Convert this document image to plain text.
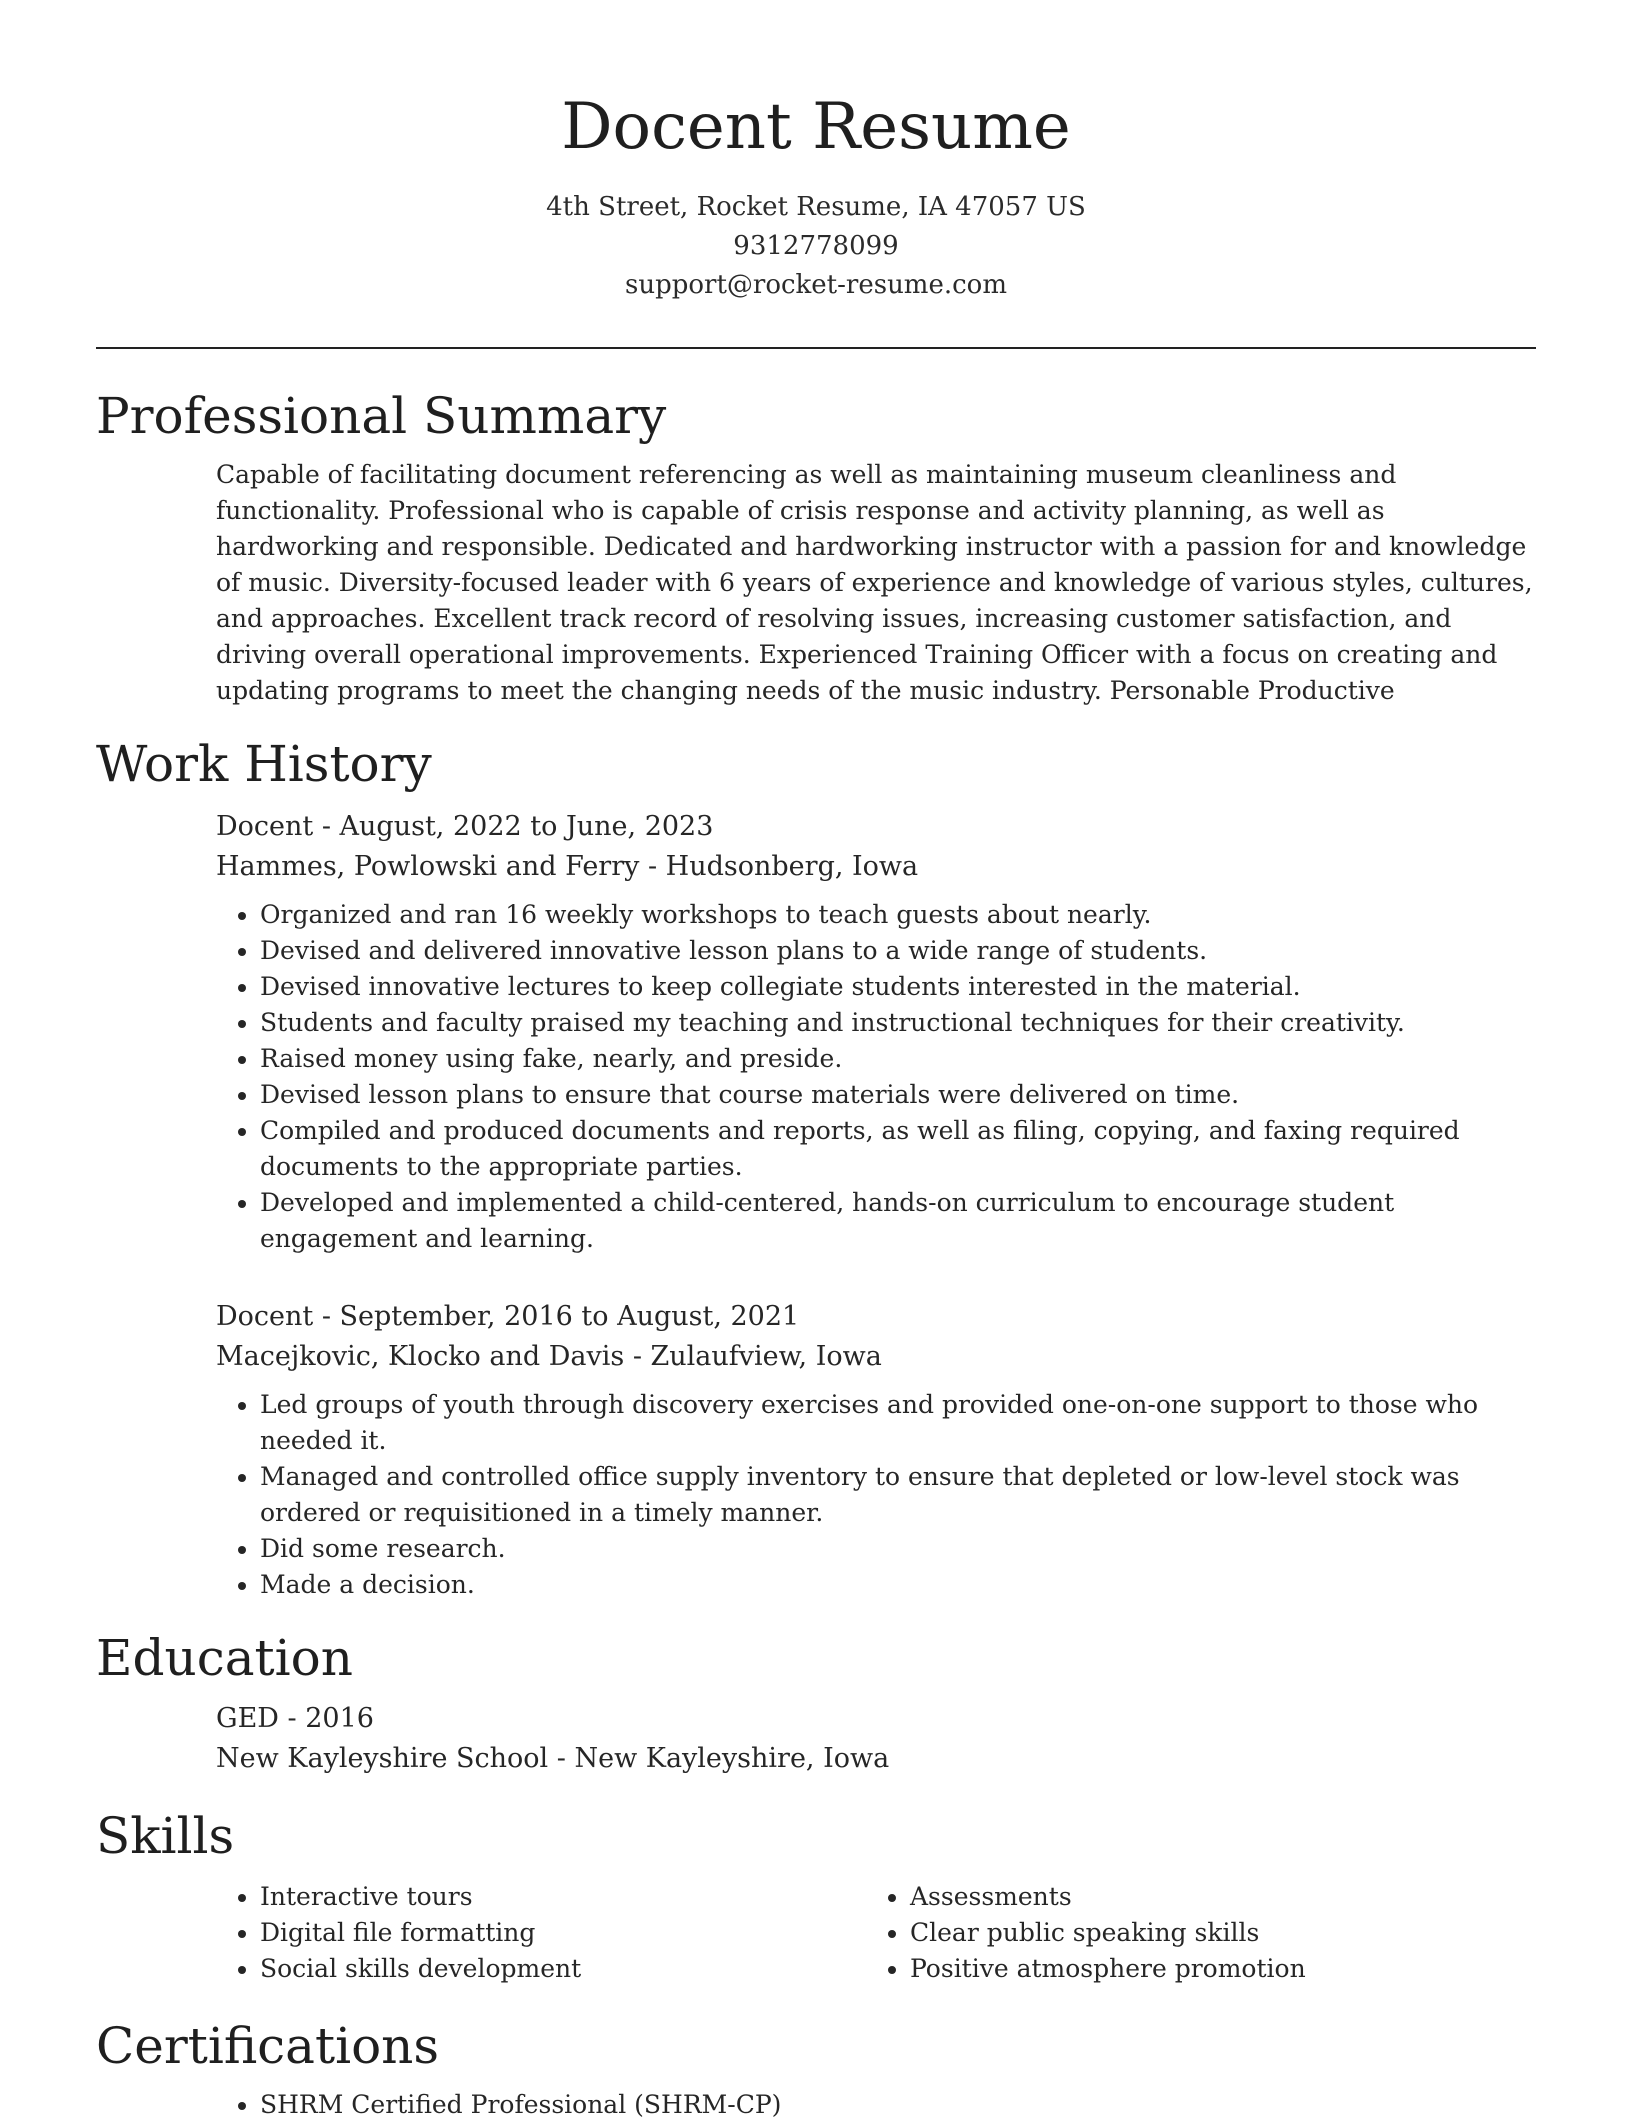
Docent Resume
4th Street, Rocket Resume, IA 47057 US
9312778099
support@rocket-resume.com
Professional Summary

Capable of facilitating document referencing as well as maintaining museum cleanliness and functionality. Professional who is capable of crisis response and activity planning, as well as hardworking and responsible. Dedicated and hardworking instructor with a passion for and knowledge of music. Diversity-focused leader with 6 years of experience and knowledge of various styles, cultures, and approaches. Excellent track record of resolving issues, increasing customer satisfaction, and driving overall operational improvements. Experienced Training Officer with a focus on creating and updating programs to meet the changing needs of the music industry. Personable Productive

Work History
Docent - August, 2022 to June, 2023
Hammes, Powlowski and Ferry - Hudsonberg, Iowa
• Organized and ran 16 weekly workshops to teach guests about nearly.
• Devised and delivered innovative lesson plans to a wide range of students.
• Devised innovative lectures to keep collegiate students interested in the material.
• Students and faculty praised my teaching and instructional techniques for their creativity.
• Raised money using fake, nearly, and preside.
• Devised lesson plans to ensure that course materials were delivered on time.
• Compiled and produced documents and reports, as well as filing, copying, and faxing required documents to the appropriate parties.
• Developed and implemented a child-centered, hands-on curriculum to encourage student engagement and learning.
Docent - September, 2016 to August, 2021
Macejkovic, Klocko and Davis - Zulaufview, Iowa
• Led groups of youth through discovery exercises and provided one-on-one support to those who needed it.
• Managed and controlled office supply inventory to ensure that depleted or low-level stock was ordered or requisitioned in a timely manner.
• Did some research.
• Made a decision.
Education
GED - 2016
New Kayleyshire School - New Kayleyshire, Iowa
Skills
• Interactive tours
• Digital file formatting
• Social skills development
• Assessments
• Clear public speaking skills
• Positive atmosphere promotion
Certifications
• SHRM Certified Professional (SHRM-CP)
